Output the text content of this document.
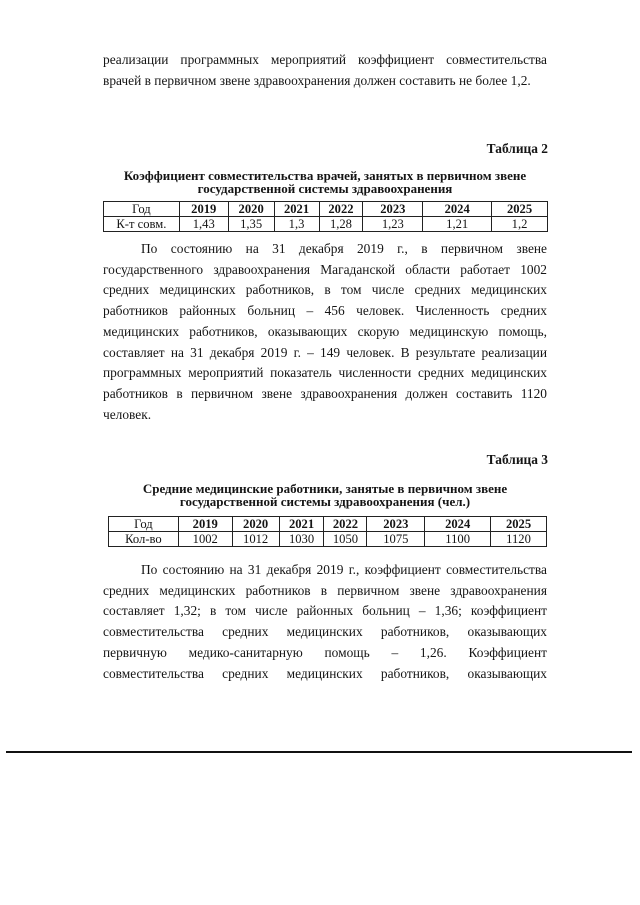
реализации программных мероприятий коэффициент совместительства врачей в первичном звене здравоохранения должен составить не более 1,2.
Таблица 2
Коэффициент совместительства врачей, занятых в первичном звене
государственной системы здравоохранения
Год	2019	2020	2021	2022	2023	2024	2025
К-т совм.	1,43	1,35	1,3	1,28	1,23	1,21	1,2
По состоянию на 31 декабря 2019 г., в первичном звене государственного здравоохранения Магаданской области работает 1002 средних медицинских работников, в том числе средних медицинских работников районных больниц – 456 человек. Численность средних медицинских работников, оказывающих скорую медицинскую помощь, составляет на 31 декабря 2019 г. – 149 человек. В результате реализации программных мероприятий показатель численности средних медицинских работников в первичном звене здравоохранения должен составить 1120 человек.
Таблица 3
Средние медицинские работники, занятые в первичном звене
государственной системы здравоохранения (чел.)
Год	2019	2020	2021	2022	2023	2024	2025
Кол-во	1002	1012	1030	1050	1075	1100	1120
По состоянию на 31 декабря 2019 г., коэффициент совместительства средних медицинских работников в первичном звене здравоохранения составляет 1,32; в том числе районных больниц – 1,36; коэффициент совместительства средних медицинских работников, оказывающих первичную медико-санитарную помощь – 1,26. Коэффициент совместительства средних медицинских работников, оказывающих
